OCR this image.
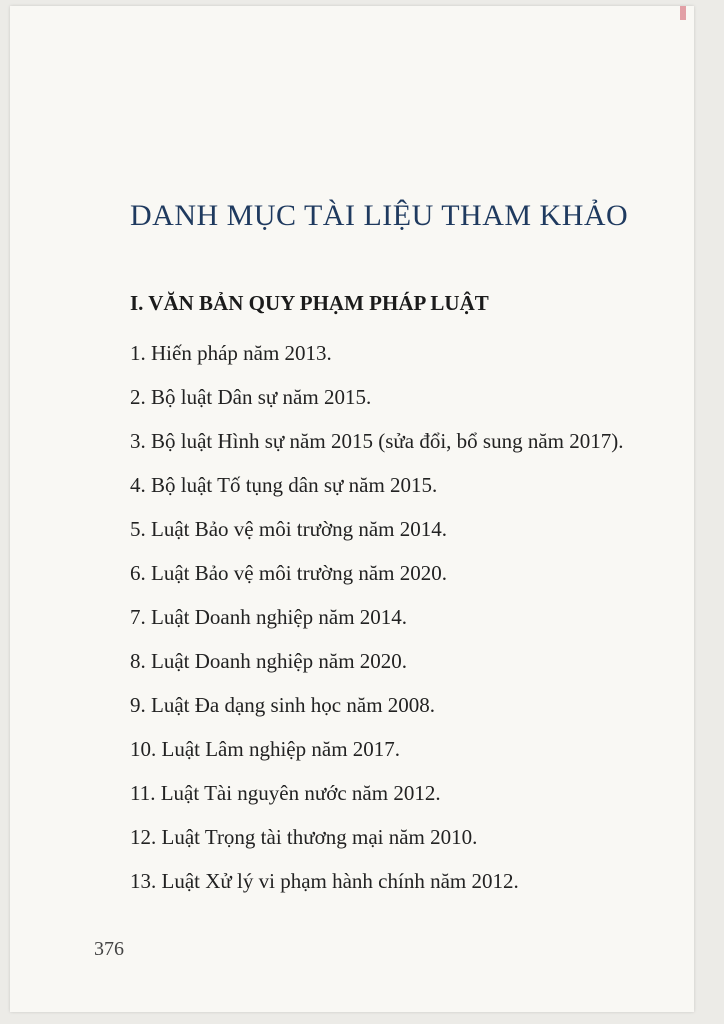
DANH MỤC TÀI LIỆU THAM KHẢO
I. VĂN BẢN QUY PHẠM PHÁP LUẬT
1. Hiến pháp năm 2013.
2. Bộ luật Dân sự năm 2015.
3. Bộ luật Hình sự năm 2015 (sửa đổi, bổ sung năm 2017).
4. Bộ luật Tố tụng dân sự năm 2015.
5. Luật Bảo vệ môi trường năm 2014.
6. Luật Bảo vệ môi trường năm 2020.
7. Luật Doanh nghiệp năm 2014.
8. Luật Doanh nghiệp năm 2020.
9. Luật Đa dạng sinh học năm 2008.
10. Luật Lâm nghiệp năm 2017.
11. Luật Tài nguyên nước năm 2012.
12. Luật Trọng tài thương mại năm 2010.
13. Luật Xử lý vi phạm hành chính năm 2012.
376
